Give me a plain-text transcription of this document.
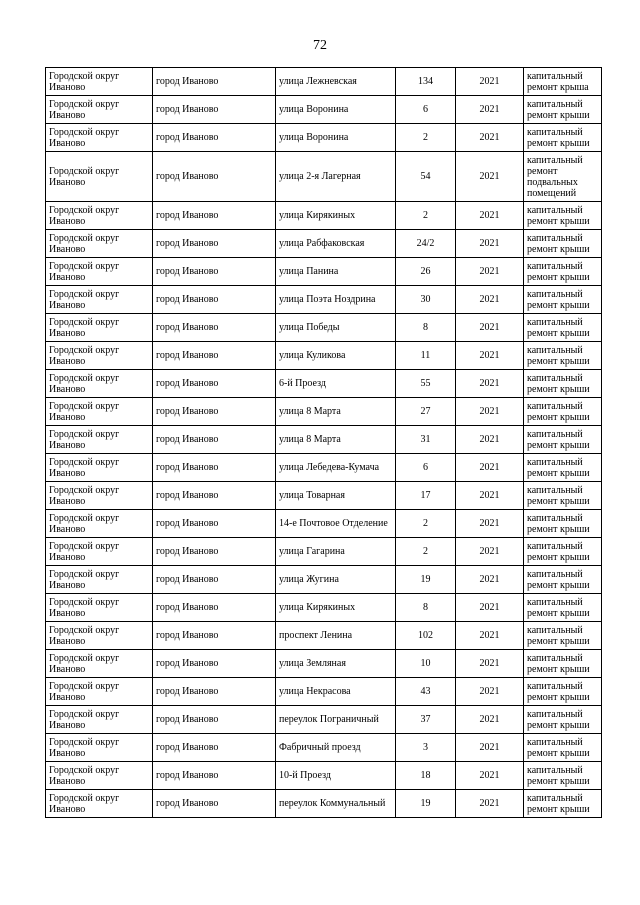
72
Городской округ Иваново	город Иваново	улица Лежневская	134	2021	капитальный ремонт крыша
Городской округ Иваново	город Иваново	улица Воронина	6	2021	капитальный ремонт крыши
Городской округ Иваново	город Иваново	улица Воронина	2	2021	капитальный ремонт крыши
Городской округ Иваново	город Иваново	улица 2-я Лагерная	54	2021	капитальный ремонт подвальных помещений
Городской округ Иваново	город Иваново	улица Кирякиных	2	2021	капитальный ремонт крыши
Городской округ Иваново	город Иваново	улица Рабфаковская	24/2	2021	капитальный ремонт крыши
Городской округ Иваново	город Иваново	улица Панина	26	2021	капитальный ремонт крыши
Городской округ Иваново	город Иваново	улица Поэта Ноздрина	30	2021	капитальный ремонт крыши
Городской округ Иваново	город Иваново	улица Победы	8	2021	капитальный ремонт крыши
Городской округ Иваново	город Иваново	улица Куликова	11	2021	капитальный ремонт крыши
Городской округ Иваново	город Иваново	6-й Проезд	55	2021	капитальный ремонт крыши
Городской округ Иваново	город Иваново	улица 8 Марта	27	2021	капитальный ремонт крыши
Городской округ Иваново	город Иваново	улица 8 Марта	31	2021	капитальный ремонт крыши
Городской округ Иваново	город Иваново	улица Лебедева-Кумача	6	2021	капитальный ремонт крыши
Городской округ Иваново	город Иваново	улица Товарная	17	2021	капитальный ремонт крыши
Городской округ Иваново	город Иваново	14-е Почтовое Отделение	2	2021	капитальный ремонт крыши
Городской округ Иваново	город Иваново	улица Гагарина	2	2021	капитальный ремонт крыши
Городской округ Иваново	город Иваново	улица Жугина	19	2021	капитальный ремонт крыши
Городской округ Иваново	город Иваново	улица Кирякиных	8	2021	капитальный ремонт крыши
Городской округ Иваново	город Иваново	проспект Ленина	102	2021	капитальный ремонт крыши
Городской округ Иваново	город Иваново	улица Земляная	10	2021	капитальный ремонт крыши
Городской округ Иваново	город Иваново	улица Некрасова	43	2021	капитальный ремонт крыши
Городской округ Иваново	город Иваново	переулок Пограничный	37	2021	капитальный ремонт крыши
Городской округ Иваново	город Иваново	Фабричный проезд	3	2021	капитальный ремонт крыши
Городской округ Иваново	город Иваново	10-й Проезд	18	2021	капитальный ремонт крыши
Городской округ Иваново	город Иваново	переулок Коммунальный	19	2021	капитальный ремонт крыши
